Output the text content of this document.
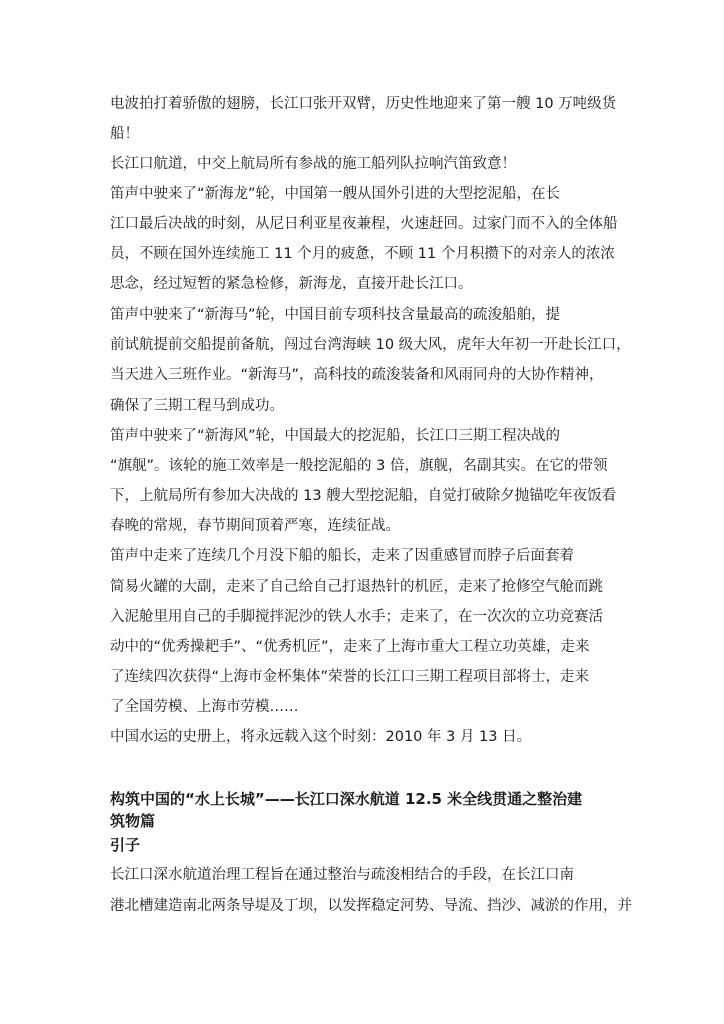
电波拍打着骄傲的翅膀，长江口张开双臂，历史性地迎来了第一艘 10 万吨级货
船！
长江口航道，中交上航局所有参战的施工船列队拉响汽笛致意！
笛声中驶来了“新海龙”轮，中国第一艘从国外引进的大型挖泥船，在长
江口最后决战的时刻，从尼日利亚星夜兼程，火速赶回。过家门而不入的全体船
员，不顾在国外连续施工 11 个月的疲惫，不顾 11 个月积攒下的对亲人的浓浓
思念，经过短暂的紧急检修，新海龙，直接开赴长江口。
笛声中驶来了“新海马”轮，中国目前专项科技含量最高的疏浚船舶，提
前试航提前交船提前备航，闯过台湾海峡 10 级大风，虎年大年初一开赴长江口，
当天进入三班作业。“新海马”，高科技的疏浚装备和风雨同舟的大协作精神，
确保了三期工程马到成功。
笛声中驶来了“新海风”轮，中国最大的挖泥船，长江口三期工程决战的
“旗舰”。该轮的施工效率是一般挖泥船的 3 倍，旗舰，名副其实。在它的带领
下，上航局所有参加大决战的 13 艘大型挖泥船，自觉打破除夕抛锚吃年夜饭看
春晚的常规，春节期间顶着严寒，连续征战。
笛声中走来了连续几个月没下船的船长，走来了因重感冒而脖子后面套着
简易火罐的大副，走来了自己给自己打退热针的机匠，走来了抢修空气舱而跳
入泥舱里用自己的手脚搅拌泥沙的铁人水手；走来了，在一次次的立功竞赛活
动中的“优秀操耙手”、“优秀机匠”，走来了上海市重大工程立功英雄，走来
了连续四次获得“上海市金杯集体”荣誉的长江口三期工程项目部将士，走来
了全国劳模、上海市劳模……
中国水运的史册上，将永远载入这个时刻：2010 年 3 月 13 日。
构筑中国的“水上长城”——长江口深水航道 12.5 米全线贯通之整治建
筑物篇
引子
长江口深水航道治理工程旨在通过整治与疏浚相结合的手段，在长江口南
港北槽建造南北两条导堤及丁坝，以发挥稳定河势、导流、挡沙、减淤的作用，并
